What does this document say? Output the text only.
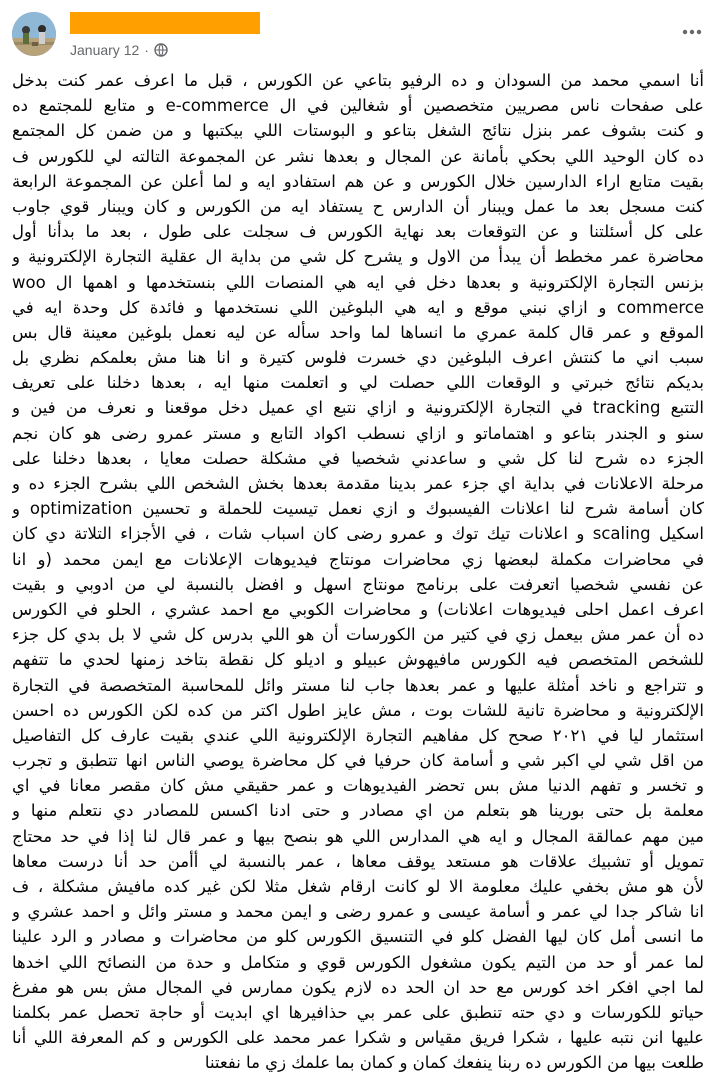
January 12 ·
أنا اسمي محمد من السودان و ده الرفيو بتاعي عن الكورس ، قبل ما اعرف عمر كنت بدخل
على صفحات ناس مصريين متخصصين أو شغالين في ال e-commerce و متابع للمجتمع ده
و كنت بشوف عمر بنزل نتائج الشغل بتاعو و البوستات اللي بيكتبها و من ضمن كل المجتمع
ده كان الوحيد اللي بحكي بأمانة عن المجال و بعدها نشر عن المجموعة التالته لي للكورس ف
بقيت متابع اراء الدارسين خلال الكورس و عن هم استفادو ايه و لما أعلن عن المجموعة الرابعة
كنت مسجل بعد ما عمل ويبنار أن الدارس ح يستفاد ايه من الكورس و كان ويبنار قوي جاوب
على كل أسئلتنا و عن التوقعات بعد نهاية الكورس ف سجلت على طول ، بعد ما بدأنا أول
محاضرة عمر مخطط أن يبدأ من الاول و يشرح كل شي من بداية ال عقلية التجارة الإلكترونية و
بزنس التجارة الإلكترونية و بعدها دخل في ايه هي المنصات اللي بنستخدمها و اهمها ال woo
commerce و ازاي نبني موقع و ايه هي البلوغين اللي نستخدمها و فائدة كل وحدة ايه في
الموقع و عمر قال كلمة عمري ما انساها لما واحد سأله عن ليه نعمل بلوغين معينة قال بس
سبب اني ما كنتش اعرف البلوغين دي خسرت فلوس كتيرة و انا هنا مش بعلمكم نظري بل
بديكم نتائج خبرتي و الوقعات اللي حصلت لي و اتعلمت منها ايه ، بعدها دخلنا على تعريف
التتبع tracking في التجارة الإلكترونية و ازاي نتبع اي عميل دخل موقعنا و نعرف من فين و
سنو و الجندر بتاعو و اهتماماتو و ازاي نسطب اكواد التابع و مستر عمرو رضى هو كان نجم
الجزء ده شرح لنا كل شي و ساعدني شخصيا في مشكلة حصلت معايا ، بعدها دخلنا على
مرحلة الاعلانات في بداية اي جزء عمر بدينا مقدمة بعدها بخش الشخص اللي بشرح الجزء ده و
كان أسامة شرح لنا اعلانات الفيسبوك و ازي نعمل تيسيت للحملة و تحسين optimization و
اسكيل scaling و اعلانات تيك توك و عمرو رضى كان اسباب شات ، في الأجزاء التلاتة دي كان
في محاضرات مكملة لبعضها زي محاضرات مونتاج فيديوهات الإعلانات مع ايمن محمد (و انا
عن نفسي شخصيا اتعرفت على برنامج مونتاج اسهل و افضل بالنسبة لي من ادوبي و بقيت
اعرف اعمل احلى فيديوهات اعلانات) و محاضرات الكوبي مع احمد عشري ، الحلو في الكورس
ده أن عمر مش بيعمل زي في كتير من الكورسات أن هو اللي بدرس كل شي لا بل بدي كل جزء
للشخص المتخصص فيه الكورس مافيهوش عبيلو و اديلو كل نقطة بتاخد زمنها لحدي ما تتفهم
و تتراجع و ناخد أمثلة عليها و عمر بعدها جاب لنا مستر وائل للمحاسبة المتخصصة في التجارة
الإلكترونية و محاضرة تانية للشات بوت ، مش عايز اطول اكتر من كده لكن الكورس ده احسن
استثمار ليا في ٢٠٢١ صحح كل مفاهيم التجارة الإلكترونية اللي عندي بقيت عارف كل التفاصيل
من اقل شي لي اكبر شي و أسامة كان حرفيا في كل محاضرة يوصي الناس انها تتطبق و تجرب
و تخسر و تفهم الدنيا مش بس تحضر الفيديوهات و عمر حقيقي مش كان مقصر معانا في اي
معلمة بل حتى بورينا هو بتعلم من اي مصادر و حتى ادنا اكسس للمصادر دي نتعلم منها و
مين مهم عمالقة المجال و ايه هي المدارس اللي هو بنصح بيها و عمر قال لنا إذا في حد محتاج
تمويل أو تشبيك علاقات هو مستعد يوقف معاها ، عمر بالنسبة لي أأمن حد أنا درست معاها
لأن هو مش بخفي عليك معلومة الا لو كانت ارقام شغل مثلا لكن غير كده مافيش مشكلة ، ف
انا شاكر جدا لي عمر و أسامة عيسى و عمرو رضى و ايمن محمد و مستر وائل و احمد عشري و
ما انسى أمل كان ليها الفضل كلو في التنسيق الكورس كلو من محاضرات و مصادر و الرد علينا
لما عمر أو حد من التيم يكون مشغول الكورس قوي و متكامل و حدة من النصائح اللي اخدها
لما اجي افكر اخد كورس مع حد ان الحد ده لازم يكون ممارس في المجال مش بس هو مفرغ
حياتو للكورسات و دي حته تنطبق على عمر بي حذافيرها اي ابديت أو حاجة تحصل عمر بكلمنا
عليها انن نتبه عليها ، شكرا فريق مقياس و شكرا عمر محمد على الكورس و كم المعرفة اللي أنا
طلعت بيها من الكورس ده ربنا ينفعك كمان و كمان بما علمك زي ما نفعتنا
